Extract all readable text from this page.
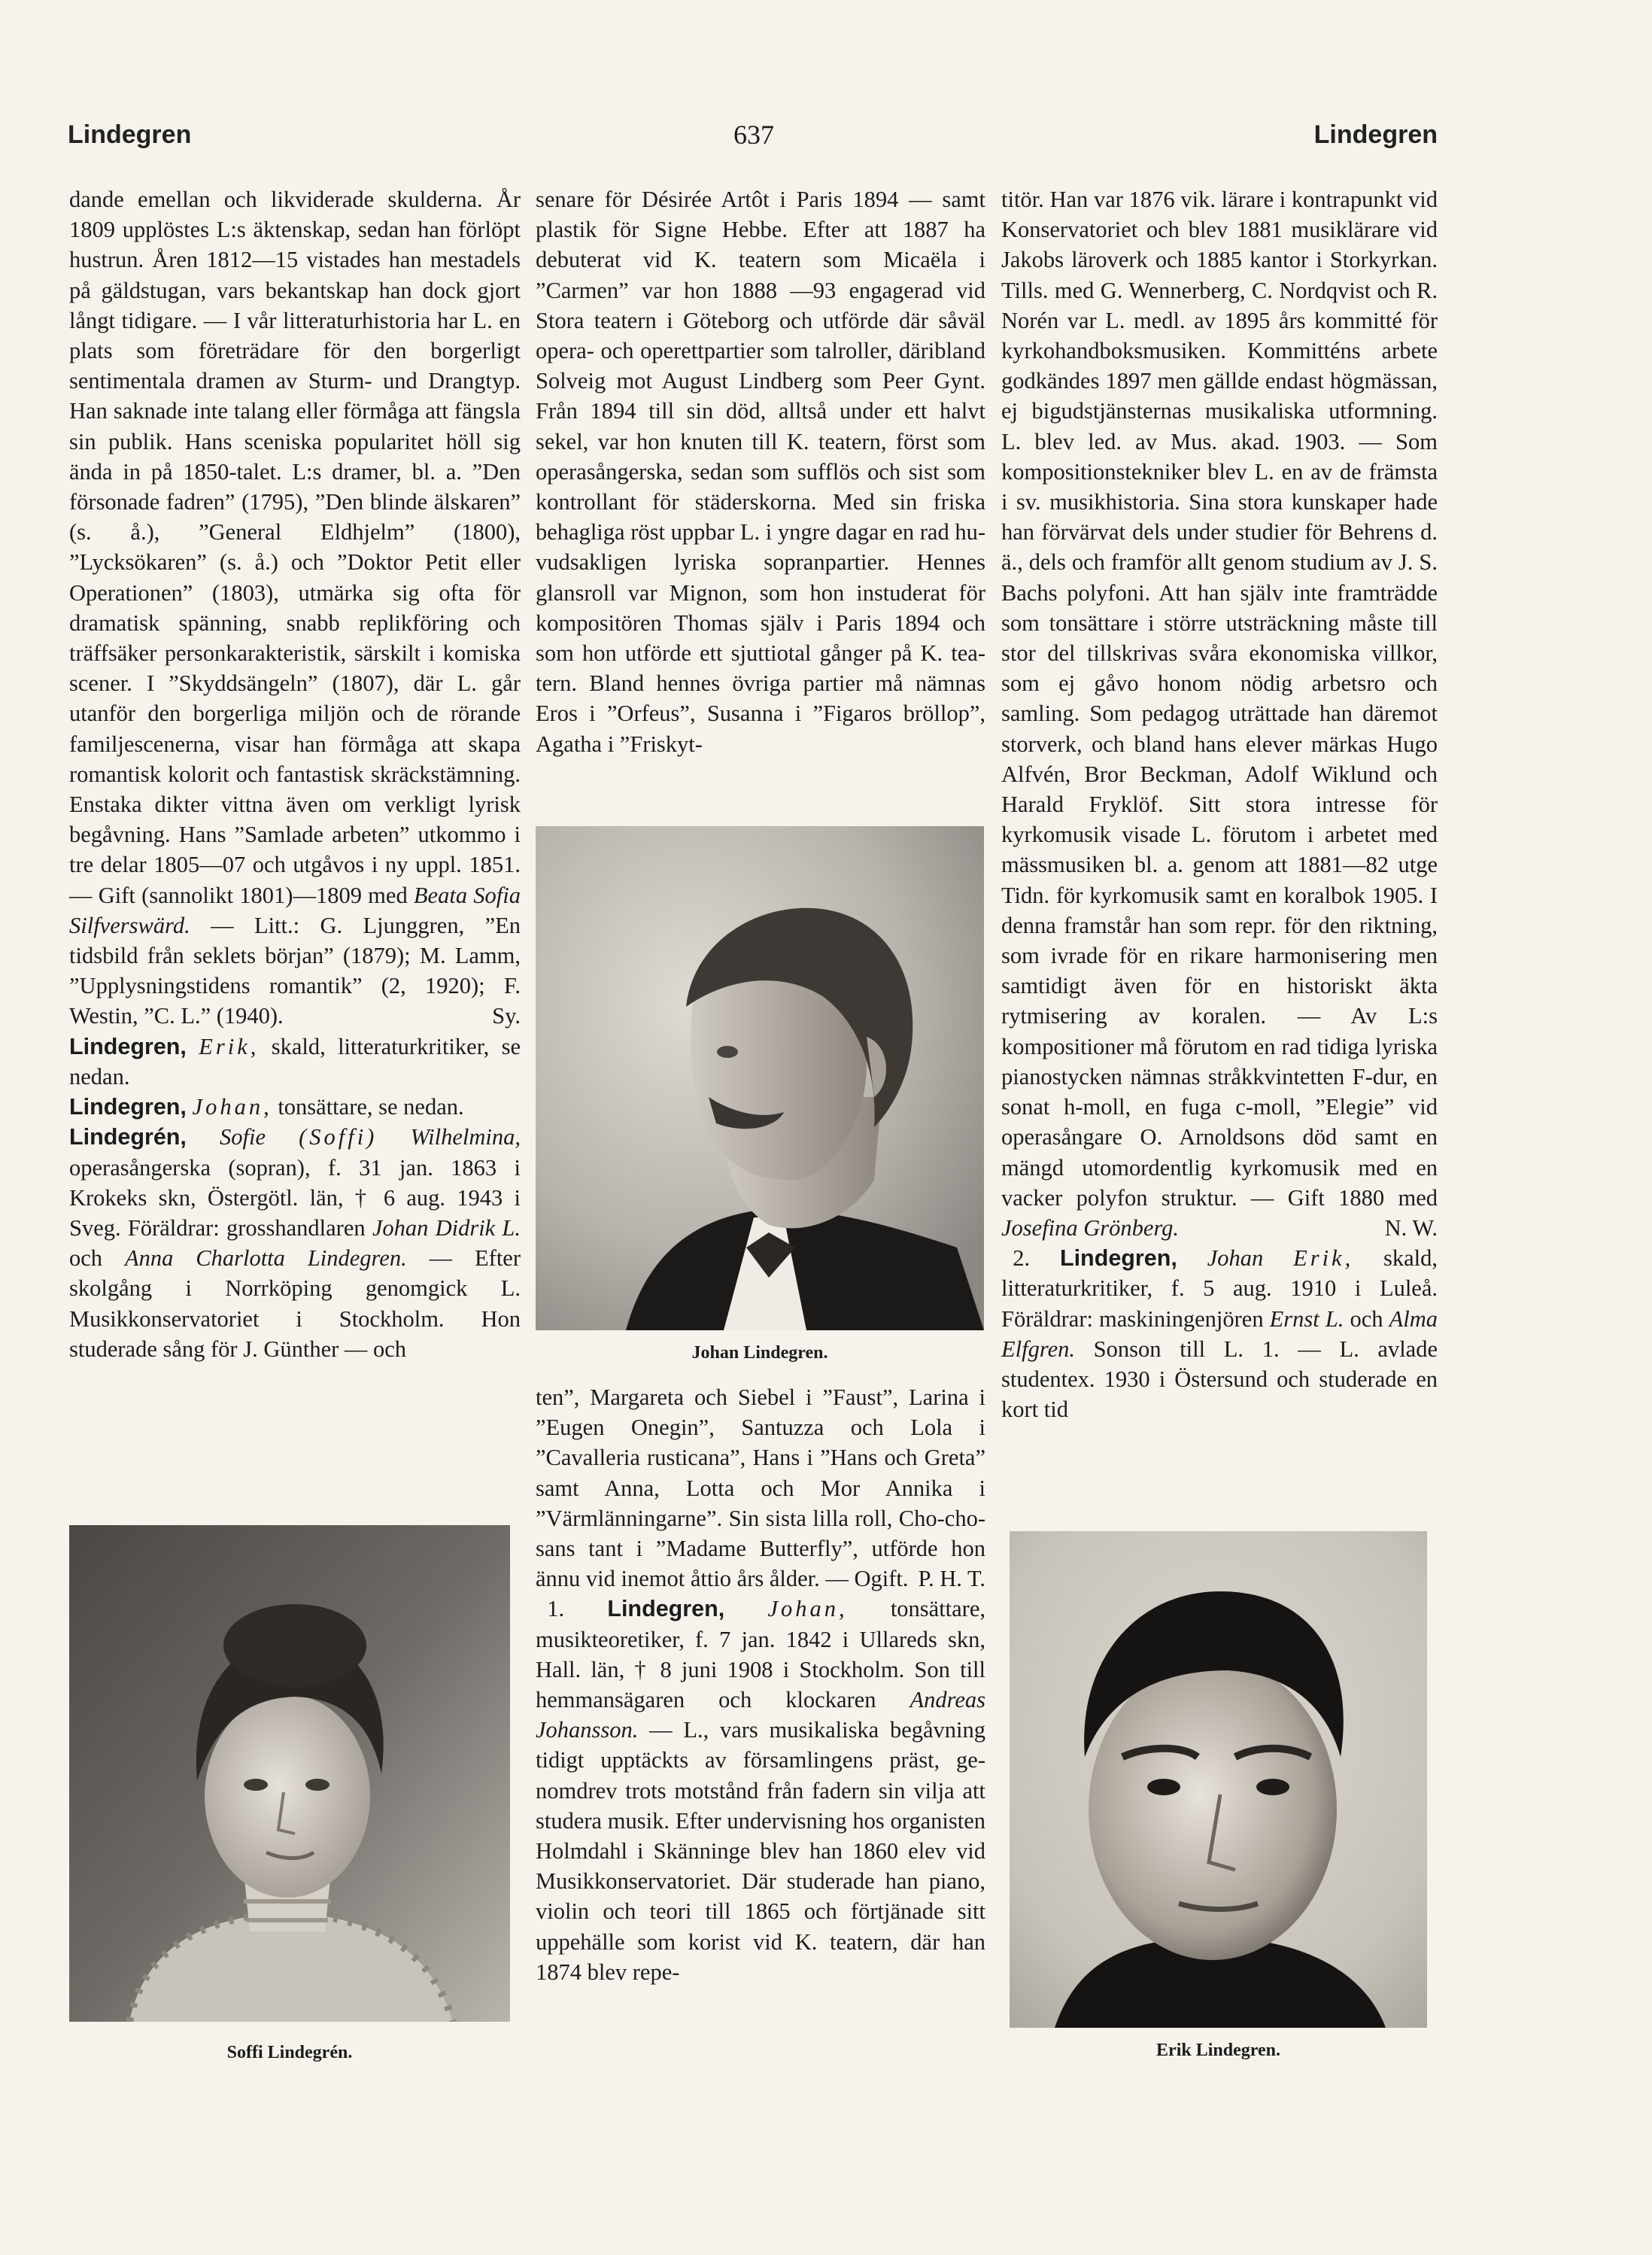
Lindegren	637	Lindegren

dande emellan och likviderade skulderna. År 1809 upplöstes L:s äktenskap, sedan han förlöpt hustrun. Åren 1812—15 vistades han mestadels på gäldstugan, vars bekantskap han dock gjort långt tidigare. — I vår litteraturhistoria har L. en plats som företrädare för den borgerligt sentimentala dramen av Sturm- und Drangtyp. Han saknade inte talang eller förmåga att fängsla sin publik. Hans sceniska popularitet höll sig ända in på 1850-talet. L:s dramer, bl. a. ”Den försonade fadren” (1795), ”Den blinde älskaren” (s. å.), ”General Eldhjelm” (1800), ”Lycksökaren” (s. å.) och ”Doktor Petit eller Operationen” (1803), utmärka sig ofta för dramatisk spänning, snabb replikföring och träffsäker personkarakteristik, särskilt i komiska scener. I ”Skyddsängeln” (1807), där L. går utanför den borgerliga miljön och de rörande familjescenerna, visar han förmåga att skapa romantisk kolorit och fantastisk skräckstämning. Enstaka dikter vittna även om verkligt lyrisk begåvning. Hans ”Samlade arbeten” utkommo i tre delar 1805—07 och utgåvos i ny uppl. 1851. — Gift (sannolikt 1801)—1809 med Beata Sofia Silfverswärd. — Litt.: G. Ljunggren, ”En tidsbild från seklets början” (1879); M. Lamm, ”Upplysningstidens romantik” (2, 1920); F. Westin, ”C. L.” (1940).	Sy.

Lindegren, Erik, skald, litteraturkritiker, se nedan.

Lindegren, Johan, tonsättare, se nedan.

Lindegrén, Sofie (Soffi) Wilhelmina, operasångerska (sopran), f. 31 jan. 1863 i Krokeks skn, Östergötl. län, † 6 aug. 1943 i Sveg. Föräldrar: grosshandlaren Johan Didrik L. och Anna Charlotta Lindegren. — Efter skolgång i Norrköping genomgick L. Musikkonservatoriet i Stockholm. Hon studerade sång för J. Günther — och

senare för Désirée Artôt i Paris 1894 — samt plastik för Signe Hebbe. Efter att 1887 ha debuterat vid K. teatern som Micaëla i ”Carmen” var hon 1888 —93 engagerad vid Stora teatern i Göteborg och utförde där såväl opera- och operettpartier som talroller, däribland Solveig mot August Lindberg som Peer Gynt. Från 1894 till sin död, alltså under ett halvt sekel, var hon knuten till K. teatern, först som operasångerska, sedan som sufflös och sist som kontrollant för städerskorna. Med sin friska behagliga röst uppbar L. i yngre dagar en rad huvudsakligen lyriska sopranpartier. Hennes glansroll var Mignon, som hon instuderat för kompositören Thomas själv i Paris 1894 och som hon utförde ett sjuttiotal gånger på K. teatern. Bland hennes övriga partier må nämnas Eros i ”Orfeus”, Susanna i ”Figaros bröllop”, Agatha i ”Friskyt-

Johan Lindegren.

ten”, Margareta och Siebel i ”Faust”, Larina i ”Eugen Onegin”, Santuzza och Lola i ”Cavalleria rusticana”, Hans i ”Hans och Greta” samt Anna, Lotta och Mor Annika i ”Värmlänningarne”. Sin sista lilla roll, Cho-cho-sans tant i ”Madame Butterfly”, utförde hon ännu vid inemot åttio års ålder. — Ogift. P. H. T.

 1. Lindegren, Johan, tonsättare, musikteoretiker, f. 7 jan. 1842 i Ullareds skn, Hall. län, † 8 juni 1908 i Stockholm. Son till hemmansägaren och klockaren Andreas Johansson. — L., vars musikaliska begåvning tidigt upptäckts av församlingens präst, genomdrev trots motstånd från fadern sin vilja att studera musik. Efter undervisning hos organisten Holmdahl i Skänninge blev han 1860 elev vid Musikkonservatoriet. Där studerade han piano, violin och teori till 1865 och förtjänade sitt uppehälle som korist vid K. teatern, där han 1874 blev repe-

titör. Han var 1876 vik. lärare i kontrapunkt vid Konservatoriet och blev 1881 musiklärare vid Jakobs läroverk och 1885 kantor i Storkyrkan. Tills. med G. Wennerberg, C. Nordqvist och R. Norén var L. medl. av 1895 års kommitté för kyrkohandboksmusiken. Kommitténs arbete godkändes 1897 men gällde endast högmässan, ej bigudstjänsternas musikaliska utformning. L. blev led. av Mus. akad. 1903. — Som kompositionstekniker blev L. en av de främsta i sv. musikhistoria. Sina stora kunskaper hade han förvärvat dels under studier för Behrens d. ä., dels och framför allt genom studium av J. S. Bachs polyfoni. Att han själv inte framträdde som tonsättare i större utsträckning måste till stor del tillskrivas svåra ekonomiska villkor, som ej gåvo honom nödig arbetsro och samling. Som pedagog uträttade han däremot storverk, och bland hans elever märkas Hugo Alfvén, Bror Beckman, Adolf Wiklund och Harald Fryklöf. Sitt stora intresse för kyrkomusik visade L. förutom i arbetet med mässmusiken bl. a. genom att 1881—82 utge Tidn. för kyrkomusik samt en koralbok 1905. I denna framstår han som repr. för den riktning, som ivrade för en rikare harmonisering men samtidigt även för en historiskt äkta rytmisering av koralen. — Av L:s kompositioner må förutom en rad tidiga lyriska pianostycken nämnas stråkkvintetten F-dur, en sonat h-moll, en fuga c-moll, ”Elegie” vid operasångare O. Arnoldsons död samt en mängd utomordentlig kyrkomusik med en vacker polyfon struktur. — Gift 1880 med Josefina Grönberg.	N. W.

 2. Lindegren, Johan Erik, skald, litteraturkritiker, f. 5 aug. 1910 i Luleå. Föräldrar: maskiningenjören Ernst L. och Alma Elfgren. Sonson till L. 1. — L. avlade studentex. 1930 i Östersund och studerade en kort tid

Soffi Lindegrén.	Erik Lindegren.
